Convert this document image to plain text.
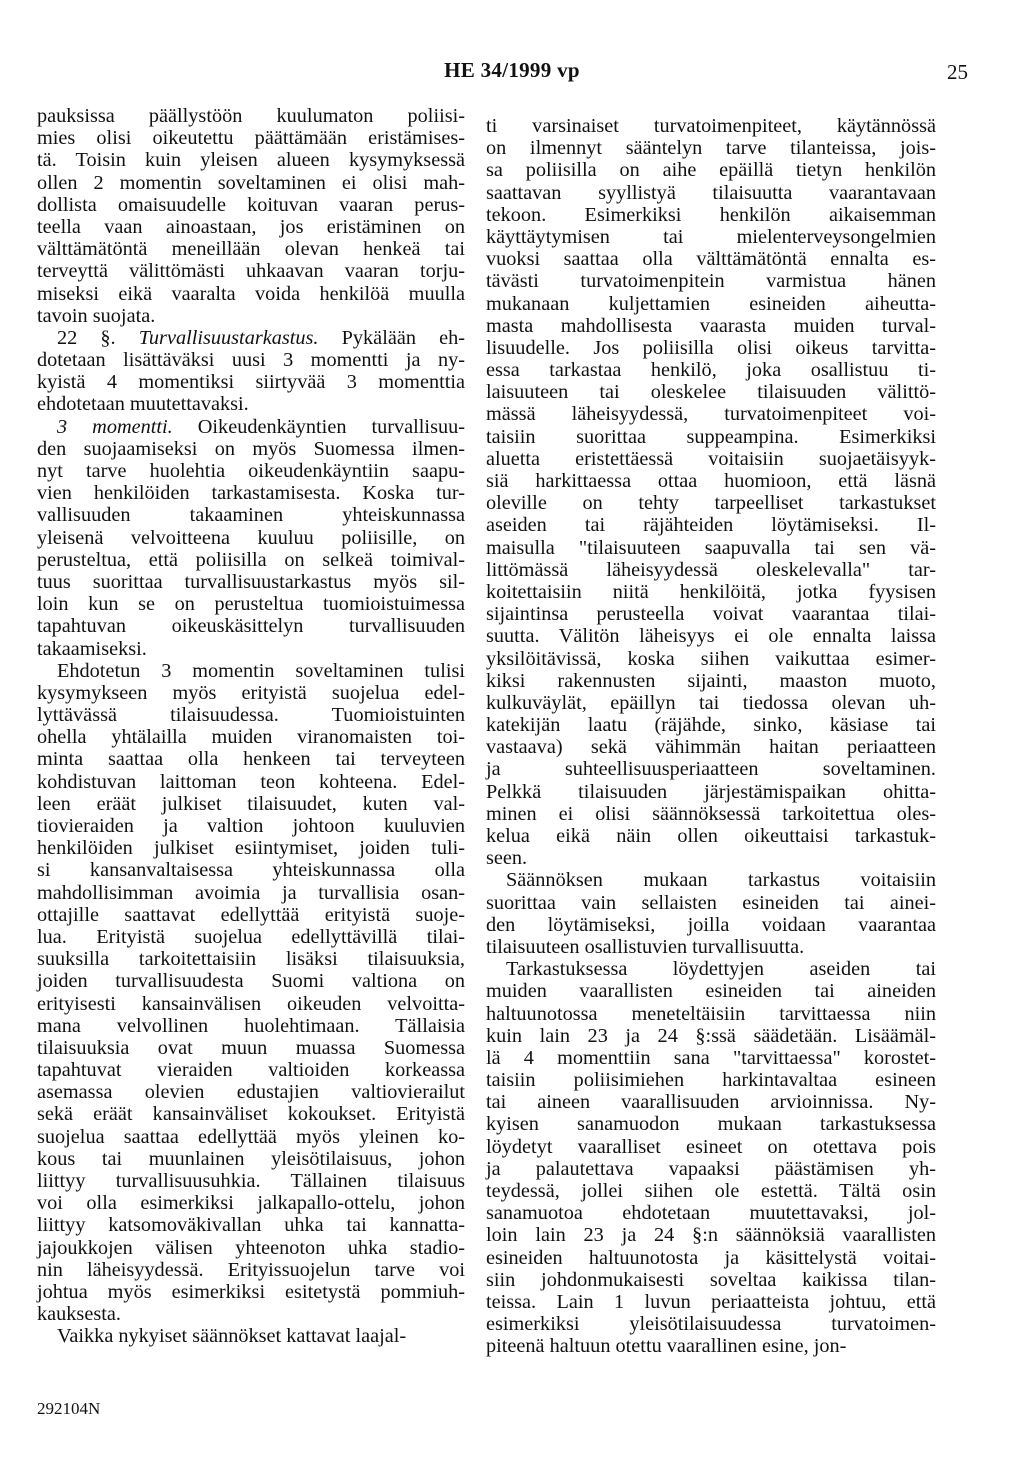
HE 34/1999 vp	25
pauksissa päällystöön kuulumaton poliisi-
mies olisi oikeutettu päättämään eristämises-
tä. Toisin kuin yleisen alueen kysymyksessä
ollen 2 momentin soveltaminen ei olisi mah-
dollista omaisuudelle koituvan vaaran perus-
teella vaan ainoastaan, jos eristäminen on
välttämätöntä meneillään olevan henkeä tai
terveyttä välittömästi uhkaavan vaaran torju-
miseksi eikä vaaralta voida henkilöä muulla
tavoin suojata.
22 §. Turvallisuustarkastus. Pykälään eh-
dotetaan lisättäväksi uusi 3 momentti ja ny-
kyistä 4 momentiksi siirtyvää 3 momenttia
ehdotetaan muutettavaksi.
3 momentti. Oikeudenkäyntien turvallisuu-
den suojaamiseksi on myös Suomessa ilmen-
nyt tarve huolehtia oikeudenkäyntiin saapu-
vien henkilöiden tarkastamisesta. Koska tur-
vallisuuden takaaminen yhteiskunnassa
yleisenä velvoitteena kuuluu poliisille, on
perusteltua, että poliisilla on selkeä toimival-
tuus suorittaa turvallisuustarkastus myös sil-
loin kun se on perusteltua tuomioistuimessa
tapahtuvan oikeuskäsittelyn turvallisuuden
takaamiseksi.
Ehdotetun 3 momentin soveltaminen tulisi
kysymykseen myös erityistä suojelua edel-
lyttävässä tilaisuudessa. Tuomioistuinten
ohella yhtälailla muiden viranomaisten toi-
minta saattaa olla henkeen tai terveyteen
kohdistuvan laittoman teon kohteena. Edel-
leen eräät julkiset tilaisuudet, kuten val-
tiovieraiden ja valtion johtoon kuuluvien
henkilöiden julkiset esiintymiset, joiden tuli-
si kansanvaltaisessa yhteiskunnassa olla
mahdollisimman avoimia ja turvallisia osan-
ottajille saattavat edellyttää erityistä suoje-
lua. Erityistä suojelua edellyttävillä tilai-
suuksilla tarkoitettaisiin lisäksi tilaisuuksia,
joiden turvallisuudesta Suomi valtiona on
erityisesti kansainvälisen oikeuden velvoitta-
mana velvollinen huolehtimaan. Tällaisia
tilaisuuksia ovat muun muassa Suomessa
tapahtuvat vieraiden valtioiden korkeassa
asemassa olevien edustajien valtiovierailut
sekä eräät kansainväliset kokoukset. Erityistä
suojelua saattaa edellyttää myös yleinen ko-
kous tai muunlainen yleisötilaisuus, johon
liittyy turvallisuusuhkia. Tällainen tilaisuus
voi olla esimerkiksi jalkapallo-ottelu, johon
liittyy katsomoväkivallan uhka tai kannatta-
jajoukkojen välisen yhteenoton uhka stadio-
nin läheisyydessä. Erityissuojelun tarve voi
johtua myös esimerkiksi esitetystä pommiuh-
kauksesta.
Vaikka nykyiset säännökset kattavat laajal-
ti varsinaiset turvatoimenpiteet, käytännössä
on ilmennyt sääntelyn tarve tilanteissa, jois-
sa poliisilla on aihe epäillä tietyn henkilön
saattavan syyllistyä tilaisuutta vaarantavaan
tekoon. Esimerkiksi henkilön aikaisemman
käyttäytymisen tai mielenterveysongelmien
vuoksi saattaa olla välttämätöntä ennalta es-
tävästi turvatoimenpitein varmistua hänen
mukanaan kuljettamien esineiden aiheutta-
masta mahdollisesta vaarasta muiden turval-
lisuudelle. Jos poliisilla olisi oikeus tarvitta-
essa tarkastaa henkilö, joka osallistuu ti-
laisuuteen tai oleskelee tilaisuuden välittö-
mässä läheisyydessä, turvatoimenpiteet voi-
taisiin suorittaa suppeampina. Esimerkiksi
aluetta eristettäessä voitaisiin suojaetäisyyk-
siä harkittaessa ottaa huomioon, että läsnä
oleville on tehty tarpeelliset tarkastukset
aseiden tai räjähteiden löytämiseksi. Il-
maisulla "tilaisuuteen saapuvalla tai sen vä-
littömässä läheisyydessä oleskelevalla" tar-
koitettaisiin niitä henkilöitä, jotka fyysisen
sijaintinsa perusteella voivat vaarantaa tilai-
suutta. Välitön läheisyys ei ole ennalta laissa
yksilöitävissä, koska siihen vaikuttaa esimer-
kiksi rakennusten sijainti, maaston muoto,
kulkuväylät, epäillyn tai tiedossa olevan uh-
katekijän laatu (räjähde, sinko, käsiase tai
vastaava) sekä vähimmän haitan periaatteen
ja suhteellisuusperiaatteen soveltaminen.
Pelkkä tilaisuuden järjestämispaikan ohitta-
minen ei olisi säännöksessä tarkoitettua oles-
kelua eikä näin ollen oikeuttaisi tarkastuk-
seen.
Säännöksen mukaan tarkastus voitaisiin
suorittaa vain sellaisten esineiden tai ainei-
den löytämiseksi, joilla voidaan vaarantaa
tilaisuuteen osallistuvien turvallisuutta.
Tarkastuksessa löydettyjen aseiden tai
muiden vaarallisten esineiden tai aineiden
haltuunotossa meneteltäisiin tarvittaessa niin
kuin lain 23 ja 24 §:ssä säädetään. Lisäämäl-
lä 4 momenttiin sana "tarvittaessa" korostet-
taisiin poliisimiehen harkintavaltaa esineen
tai aineen vaarallisuuden arvioinnissa. Ny-
kyisen sanamuodon mukaan tarkastuksessa
löydetyt vaaralliset esineet on otettava pois
ja palautettava vapaaksi päästämisen yh-
teydessä, jollei siihen ole estettä. Tältä osin
sanamuotoa ehdotetaan muutettavaksi, jol-
loin lain 23 ja 24 §:n säännöksiä vaarallisten
esineiden haltuunotosta ja käsittelystä voitai-
siin johdonmukaisesti soveltaa kaikissa tilan-
teissa. Lain 1 luvun periaatteista johtuu, että
esimerkiksi yleisötilaisuudessa turvatoimen-
piteenä haltuun otettu vaarallinen esine, jon-
292104N
